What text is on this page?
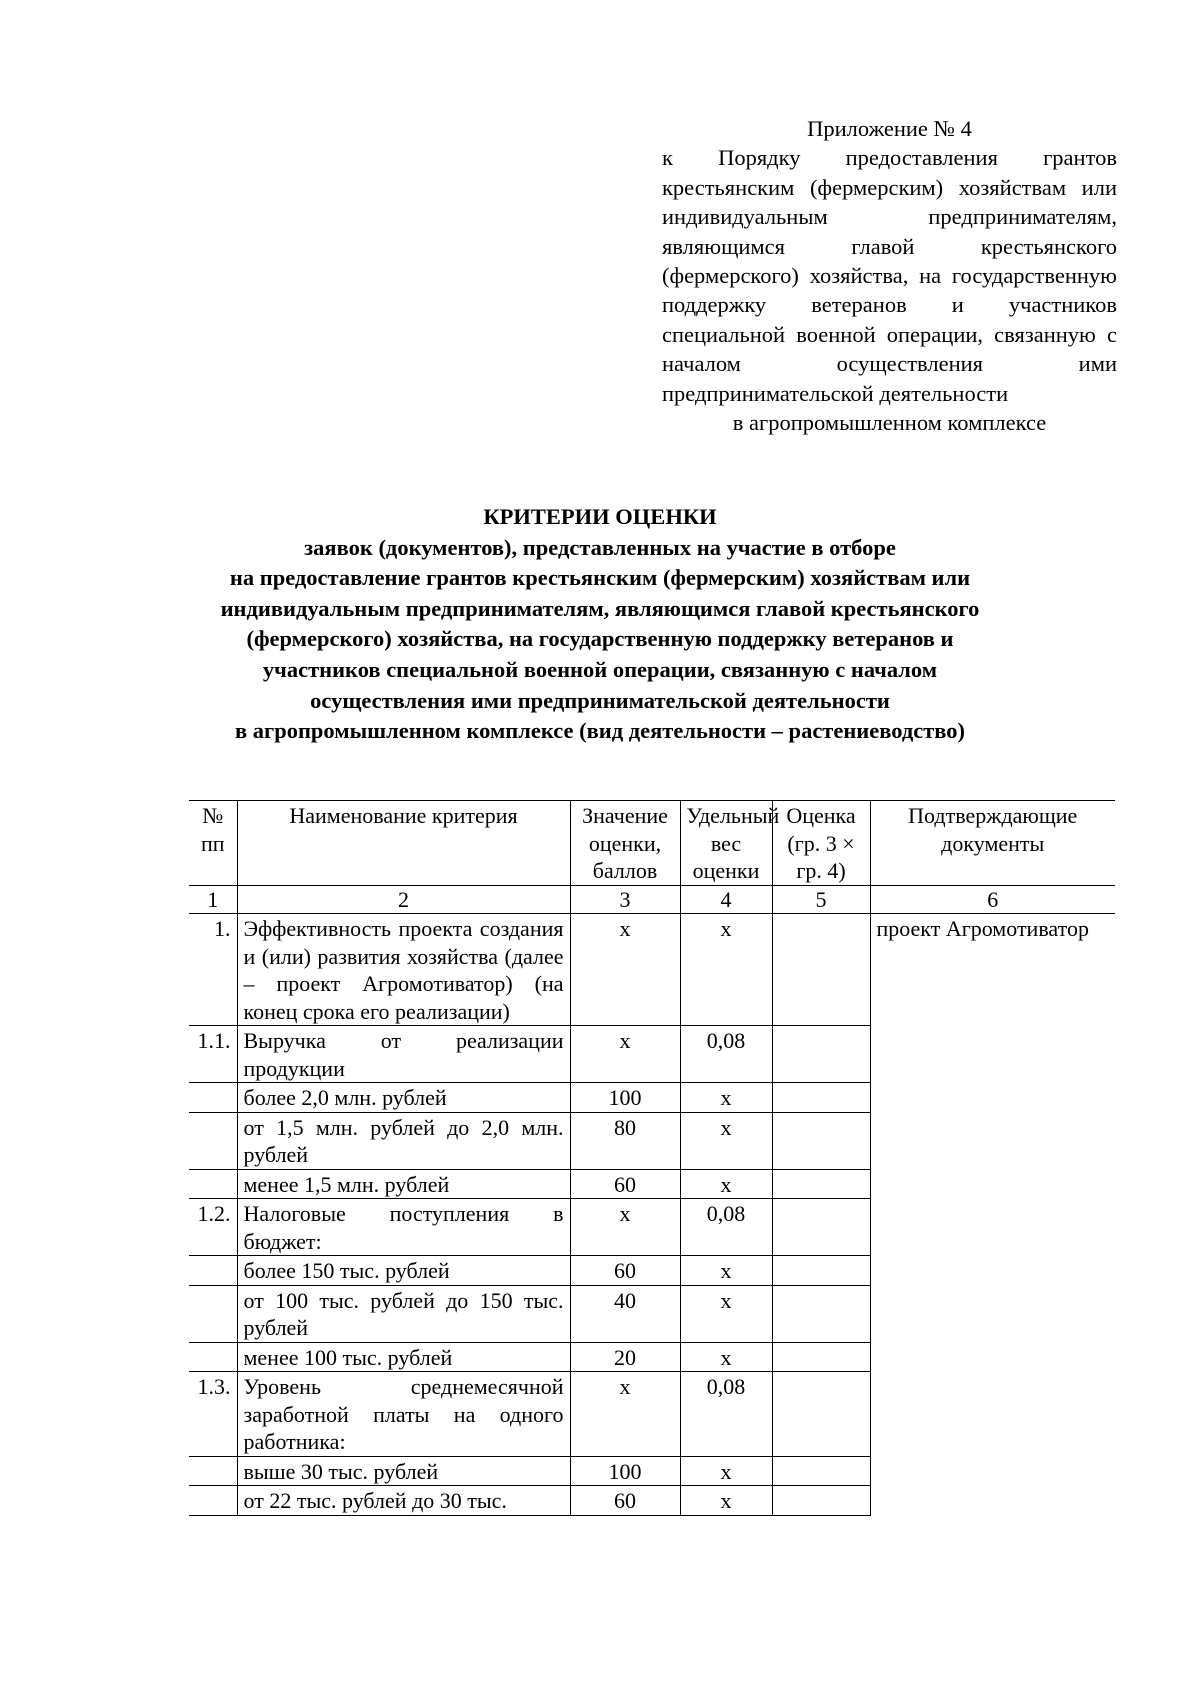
Приложение № 4
к Порядку предоставления грантов крестьянским (фермерским) хозяйствам или индивидуальным предпринимателям, являющимся главой крестьянского (фермерского) хозяйства, на государственную поддержку ветеранов и участников специальной военной операции, связанную с началом осуществления ими предпринимательской деятельности
в агропромышленном комплексе
КРИТЕРИИ ОЦЕНКИ
заявок (документов), представленных на участие в отборе
на предоставление грантов крестьянским (фермерским) хозяйствам или
индивидуальным предпринимателям, являющимся главой крестьянского
(фермерского) хозяйства, на государственную поддержку ветеранов и
участников специальной военной операции, связанную с началом
осуществления ими предпринимательской деятельности
в агропромышленном комплексе (вид деятельности – растениеводство)
№ пп	Наименование критерия	Значение оценки, баллов	Удельный вес оценки	Оценка (гр. 3 × гр. 4)	Подтверждающие документы
1	2	3	4	5	6
1.	Эффективность проекта создания и (или) развития хозяйства (далее – проект Агромотиватор) (на конец срока его реализации)	х	х		проект Агромотиватор
1.1.	Выручка от реализации продукции	х	0,08		
	более 2,0 млн. рублей	100	х		
	от 1,5 млн. рублей до 2,0 млн. рублей	80	х		
	менее 1,5 млн. рублей	60	х		
1.2.	Налоговые поступления в бюджет:	х	0,08		
	более 150 тыс. рублей	60	х		
	от 100 тыс. рублей до 150 тыс. рублей	40	х		
	менее 100 тыс. рублей	20	х		
1.3.	Уровень среднемесячной заработной платы на одного работника:	х	0,08		
	выше 30 тыс. рублей	100	х		
	от 22 тыс. рублей до 30 тыс.	60	х		
